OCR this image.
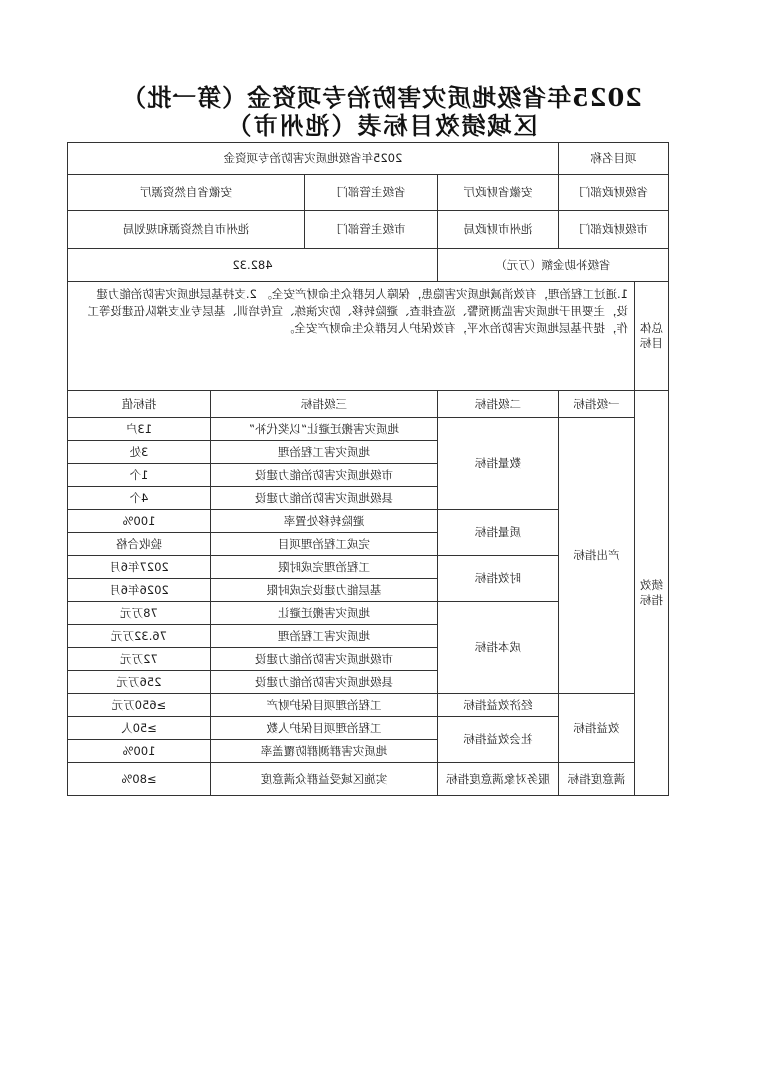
2025年省级地质灾害防治专项资金（第一批）
区域绩效目标表（池州市）
项目名称		2025年省级地质灾害防治专项资金			
省级财政部门		安徽省财政厅	省级主管部门	安徽省自然资源厅	
市级财政部门		池州市财政局	市级主管部门	池州市自然资源和规划局	
省级补助金额（万元）			482.32		
总体目标	1.通过工程治理，有效消减地质灾害隐患，保障人民群众生命财产安全。 2.支持基层地质灾害防治能力建设，主要用于地质灾害监测预警、巡查排查、避险转移、防灾演练、宣传培训、基层专业支撑队伍建设等工作，提升基层地质灾害防治水平，有效保护人民群众生命财产安全。				
绩效指标	一级指标	二级指标	三级指标		指标值
	产出指标	数量指标	地质灾害搬迁避让“以奖代补”		13户
			地质灾害工程治理		3处
			市级地质灾害防治能力建设		1个
			县级地质灾害防治能力建设		4个
		质量指标	避险转移处置率		100%
			完成工程治理项目		验收合格
		时效指标	工程治理完成时限		2027年6月
			基层能力建设完成时限		2026年6月
		成本指标	地质灾害搬迁避让		78万元
			地质灾害工程治理		76.32万元
			市级地质灾害防治能力建设		72万元
			县级地质灾害防治能力建设		256万元
	效益指标	经济效益指标	工程治理项目保护财产		≥650万元
		社会效益指标	工程治理项目保护人数		≥50人
			地质灾害群测群防覆盖率		100%
	满意度指标	服务对象满意度指标	实施区域受益群众满意度		≥80%
